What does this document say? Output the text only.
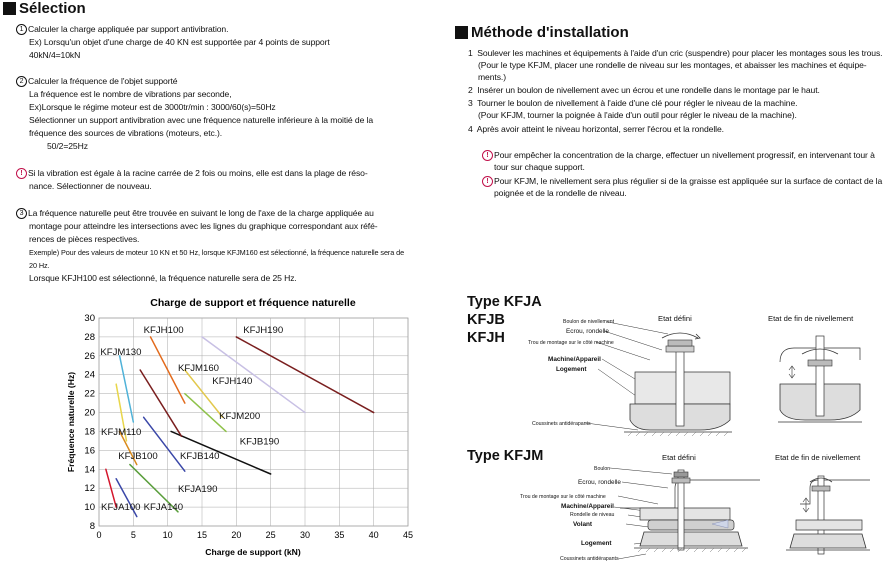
Sélection
1 Calculer la charge appliquée par support antivibration.
Ex) Lorsqu'un objet d'une charge de 40 KN est supportée par 4 points de support
40kN/4=10kN
2 Calculer la fréquence de l'objet supporté
La fréquence est le nombre de vibrations par seconde,
Ex)Lorsque le régime moteur est de 3000tr/min : 3000/60(s)=50Hz
Sélectionner un support antivibration avec une fréquence naturelle inférieure à la moitié de la
fréquence des sources de vibrations (moteurs, etc.).
50/2=25Hz
! Si la vibration est égale à la racine carrée de 2 fois ou moins, elle est dans la plage de réso-
nance. Sélectionner de nouveau.
3 La fréquence naturelle peut être trouvée en suivant le long de l'axe de la charge appliquée au
montage pour atteindre les intersections avec les lignes du graphique correspondant aux réfé-
rences de pièces respectives.
Exemple) Pour des valeurs de moteur 10 KN et 50 Hz, lorsque KFJM160 est sélectionné, la fréquence naturelle sera de
20 Hz.
Lorsque KFJH100 est sélectionné, la fréquence naturelle sera de 25 Hz.
Charge de support et fréquence naturelle
0	5	10	15	20	25	30	35	40	45
8
10
12
14
16
18
20
22
24
26
28
30
KFJH100	KFJH190
KFJM130
KFJM160
KFJH140
KFJM200
KFJM110
KFJB190
KFJB100 KFJB140
KFJA190
KFJA100 KFJA140
Charge de support (kN)
Fréquence naturelle (Hz)
Méthode d'installation
1 Soulever les machines et équipements à l'aide d'un cric (suspendre) pour placer les montages sous les trous.
(Pour le type KFJM, placer une rondelle de niveau sur les montages, et abaisser les machines et équipe-
ments.)
2 Insérer un boulon de nivellement avec un écrou et une rondelle dans le montage par le haut.
3 Tourner le boulon de nivellement à l'aide d'une clé pour régler le niveau de la machine.
(Pour KFJM, tourner la poignée à l'aide d'un outil pour régler le niveau de la machine).
4 Après avoir atteint le niveau horizontal, serrer l'écrou et la rondelle.
! Pour empêcher la concentration de la charge, effectuer un nivellement progressif, en intervenant tour à
tour sur chaque support.
! Pour KFJM, le nivellement sera plus régulier si de la graisse est appliquée sur la surface de contact de la
poignée et de la rondelle de niveau.
Type KFJA
KFJB
KFJH
Etat défini	Etat de fin de nivellement
Boulon de nivellement
Ecrou, rondelle
Trou de montage sur le côté machine
Machine/Appareil
Logement
Coussinets antidérapants
Type KFJM	Etat défini	Etat de fin de nivellement
Boulon
Ecrou, rondelle
Trou de montage sur le côté machine
Machine/Appareil
Rondelle de niveau
Volant
Logement
Coussinets antidérapants
